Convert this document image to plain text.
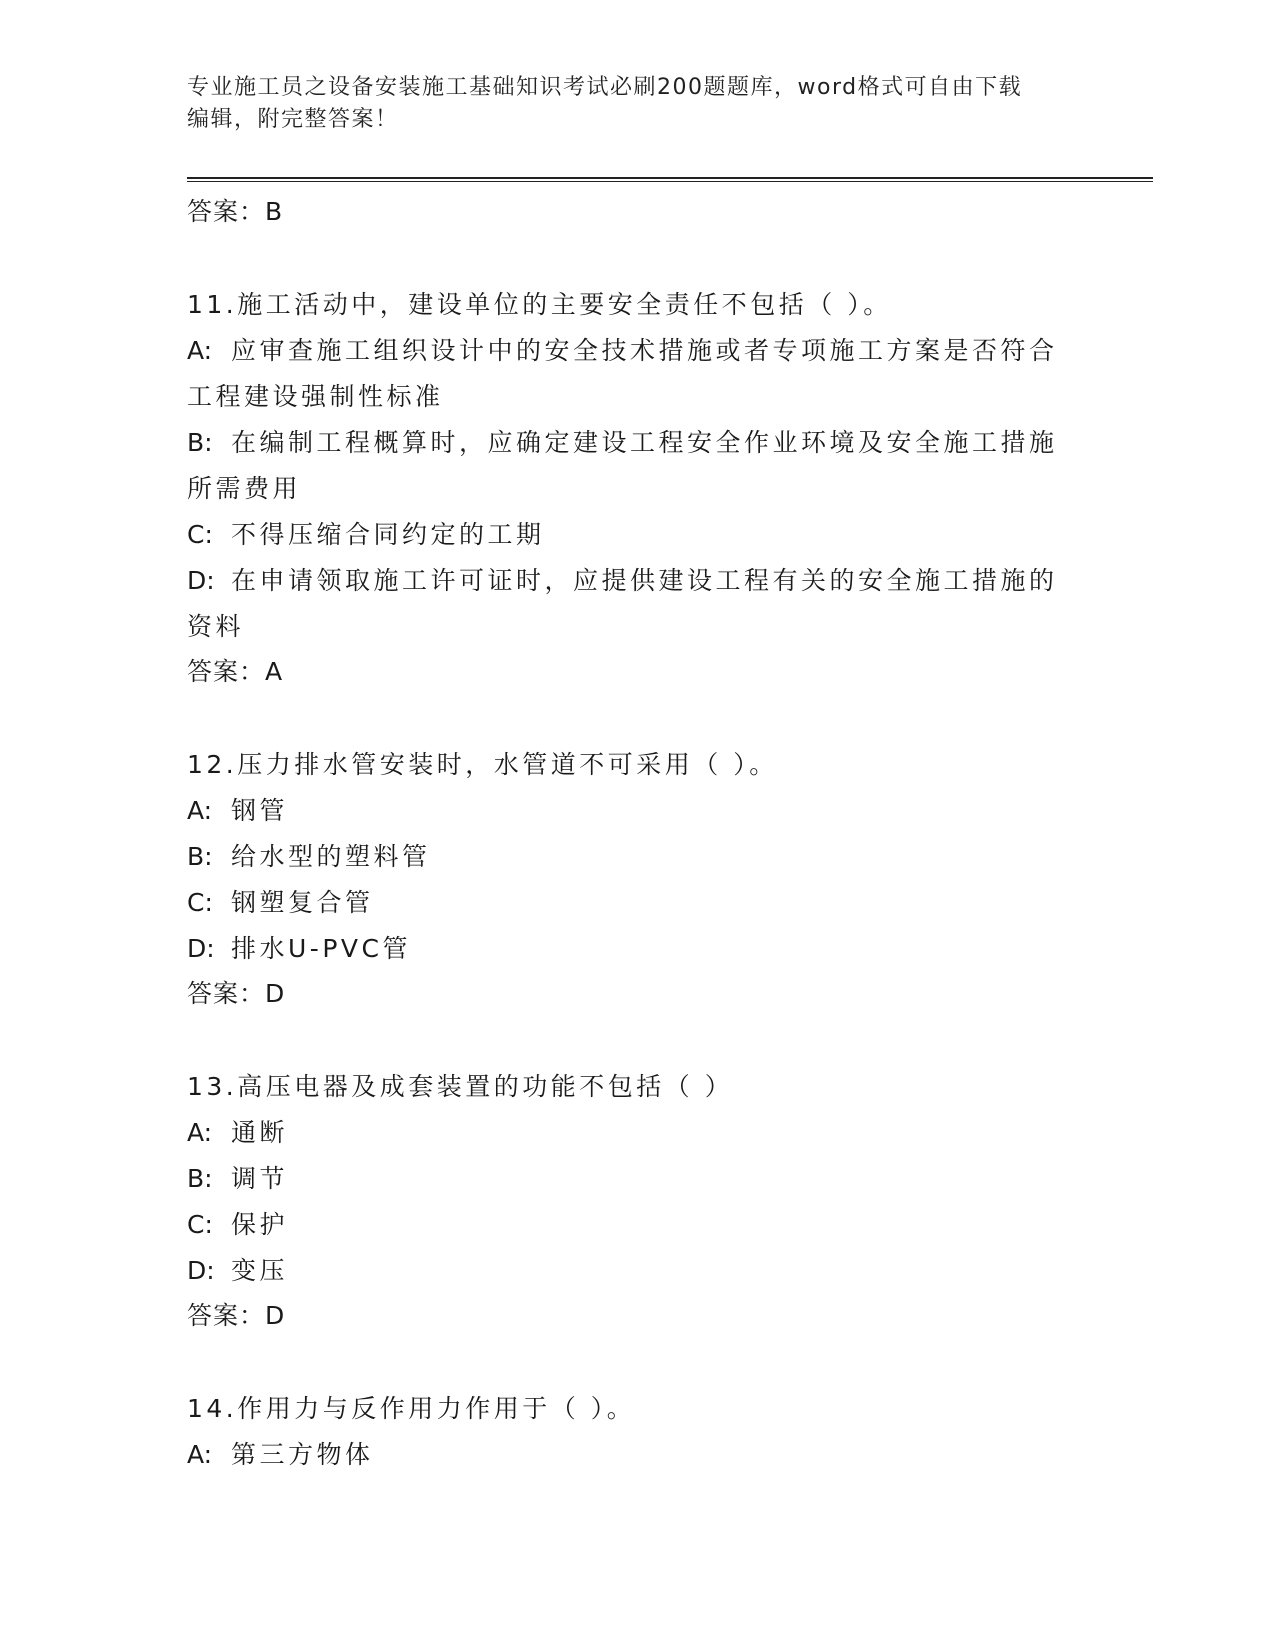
专业施工员之设备安装施工基础知识考试必刷200题题库，word格式可自由下载
编辑，附完整答案！

答案：B

11.施工活动中，建设单位的主要安全责任不包括（ ）。

A: 应审查施工组织设计中的安全技术措施或者专项施工方案是否符合

工程建设强制性标准

B: 在编制工程概算时，应确定建设工程安全作业环境及安全施工措施

所需费用

C: 不得压缩合同约定的工期

D: 在申请领取施工许可证时，应提供建设工程有关的安全施工措施的

资料

答案：A

12.压力排水管安装时，水管道不可采用（ ）。

A: 钢管

B: 给水型的塑料管

C: 钢塑复合管

D: 排水U-PVC管

答案：D

13.高压电器及成套装置的功能不包括（ ）

A: 通断

B: 调节

C: 保护

D: 变压

答案：D

14.作用力与反作用力作用于（ ）。

A: 第三方物体
